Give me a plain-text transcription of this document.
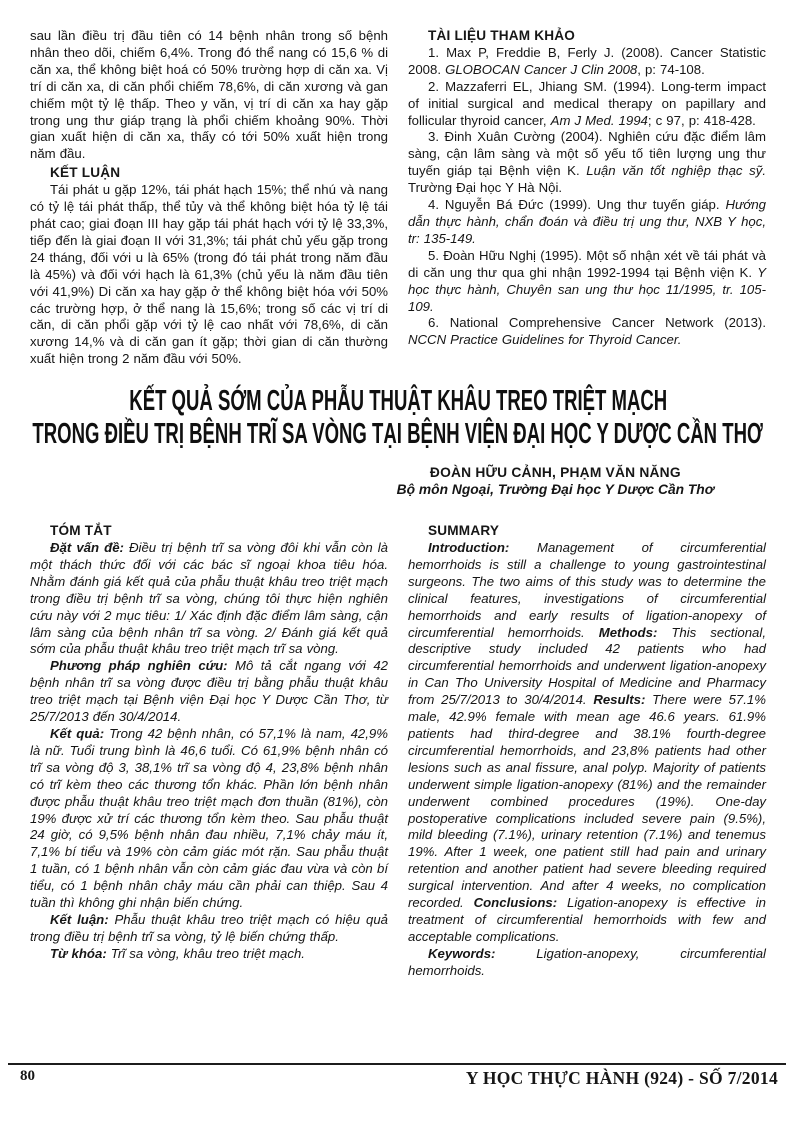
sau lần điều trị đầu tiên có 14 bệnh nhân trong số bệnh nhân theo dõi, chiếm 6,4%. Trong đó thể nang có 15,6 % di căn xa, thể không biệt hoá có 50% trường hợp di căn xa. Vị trí di căn xa, di căn phổi chiếm 78,6%, di căn xương và gan chiếm một tỷ lệ thấp. Theo y văn, vị trí di căn xa hay gặp trong ung thư giáp trạng là phổi chiếm khoảng 90%. Thời gian xuất hiện di căn xa, thấy có tới 50% xuất hiện trong năm đầu.

KẾT LUẬN

Tái phát u gặp 12%, tái phát hạch 15%; thể nhú và nang có tỷ lệ tái phát thấp, thể tủy và thể không biệt hóa tỷ lệ tái phát cao; giai đoạn III hay gặp tái phát hạch với tỷ lệ 33,3%, tiếp đến là giai đoạn II với 31,3%; tái phát chủ yếu gặp trong 24 tháng, đối với u là 65% (trong đó tái phát trong năm đầu là 45%) và đối với hạch là 61,3% (chủ yếu là năm đầu tiên với 41,9%) Di căn xa hay gặp ở thể không biệt hóa với 50% các trường hợp, ở thể nang là 15,6%; trong số các vị trí di căn, di căn phổi gặp với tỷ lệ cao nhất với 78,6%, di căn xương 14,% và di căn gan ít gặp; thời gian di căn thường xuất hiện trong 2 năm đầu với 50%.

TÀI LIỆU THAM KHẢO

1. Max P, Freddie B, Ferly J. (2008). Cancer Statistic 2008. GLOBOCAN Cancer J Clin 2008, p: 74-108.

2. Mazzaferri EL, Jhiang SM. (1994). Long-term impact of initial surgical and medical therapy on papillary and follicular thyroid cancer, Am J Med. 1994; c 97, p: 418-428.

3. Đinh Xuân Cường (2004). Nghiên cứu đặc điểm lâm sàng, cận lâm sàng và một số yếu tố tiên lượng ung thư tuyến giáp tại Bệnh viện K. Luận văn tốt nghiệp thạc sỹ. Trường Đại học Y Hà Nội.

4. Nguyễn Bá Đức (1999). Ung thư tuyến giáp. Hướng dẫn thực hành, chẩn đoán và điều trị ung thư, NXB Y học, tr: 135-149.

5. Đoàn Hữu Nghị (1995). Một số nhận xét về tái phát và di căn ung thư qua ghi nhận 1992-1994 tại Bệnh viện K. Y học thực hành, Chuyên san ung thư học 11/1995, tr. 105-109.

6. National Comprehensive Cancer Network (2013). NCCN Practice Guidelines for Thyroid Cancer.

KẾT QUẢ SỚM CỦA PHẪU THUẬT KHÂU TREO TRIỆT MẠCH
TRONG ĐIỀU TRỊ BỆNH TRĨ SA VÒNG TẠI BỆNH VIỆN ĐẠI HỌC Y DƯỢC CẦN THƠ
ĐOÀN HỮU CẢNH, PHẠM VĂN NĂNG
Bộ môn Ngoại, Trường Đại học Y Dược Cần Thơ
TÓM TẮT

Đặt vấn đề: Điều trị bệnh trĩ sa vòng đôi khi vẫn còn là một thách thức đối với các bác sĩ ngoại khoa tiêu hóa. Nhằm đánh giá kết quả của phẫu thuật khâu treo triệt mạch trong điều trị bệnh trĩ sa vòng, chúng tôi thực hiện nghiên cứu này với 2 mục tiêu: 1/ Xác định đặc điểm lâm sàng, cận lâm sàng của bệnh nhân trĩ sa vòng. 2/ Đánh giá kết quả sớm của phẫu thuật khâu treo triệt mạch trĩ sa vòng.

Phương pháp nghiên cứu: Mô tả cắt ngang với 42 bệnh nhân trĩ sa vòng được điều trị bằng phẫu thuật khâu treo triệt mạch tại Bệnh viện Đại học Y Dược Cần Thơ, từ 25/7/2013 đến 30/4/2014.

Kết quả: Trong 42 bệnh nhân, có 57,1% là nam, 42,9% là nữ. Tuổi trung bình là 46,6 tuổi. Có 61,9% bệnh nhân có trĩ sa vòng độ 3, 38,1% trĩ sa vòng độ 4, 23,8% bệnh nhân có trĩ kèm theo các thương tổn khác. Phần lớn bệnh nhân được phẫu thuật khâu treo triệt mạch đơn thuần (81%), còn 19% được xử trí các thương tổn kèm theo. Sau phẫu thuật 24 giờ, có 9,5% bệnh nhân đau nhiều, 7,1% chảy máu ít, 7,1% bí tiểu và 19% còn cảm giác mót rặn. Sau phẫu thuật 1 tuần, có 1 bệnh nhân vẫn còn cảm giác đau vừa và còn bí tiểu, có 1 bệnh nhân chảy máu cần phải can thiệp. Sau 4 tuần thì không ghi nhận biến chứng.

Kết luận: Phẫu thuật khâu treo triệt mạch có hiệu quả trong điều trị bệnh trĩ sa vòng, tỷ lệ biến chứng thấp.

Từ khóa: Trĩ sa vòng, khâu treo triệt mạch.

SUMMARY

Introduction: Management of circumferential hemorrhoids is still a challenge to young gastrointestinal surgeons. The two aims of this study was to determine the clinical features, investigations of circumferential hemorrhoids and early results of ligation-anopexy of circumferential hemorrhoids. Methods: This sectional, descriptive study included 42 patients who had circumferential hemorrhoids and underwent ligation-anopexy in Can Tho University Hospital of Medicine and Pharmacy from 25/7/2013 to 30/4/2014. Results: There were 57.1% male, 42.9% female with mean age 46.6 years. 61.9% patients had third-degree and 38.1% fourth-degree circumferential hemorrhoids, and 23,8% patients had other lesions such as anal fissure, anal polyp. Majority of patients underwent simple ligation-anopexy (81%) and the remainder underwent combined procedures (19%). One-day postoperative complications included severe pain (9.5%), mild bleeding (7.1%), urinary retention (7.1%) and tenemus 19%. After 1 week, one patient still had pain and urinary retention and another patient had severe bleeding required surgical intervention. And after 4 weeks, no complication recorded. Conclusions: Ligation-anopexy is effective in treatment of circumferential hemorrhoids with few and acceptable complications.

Keywords: Ligation-anopexy, circumferential hemorrhoids.

80	Y HỌC THỰC HÀNH (924) - SỐ 7/2014
